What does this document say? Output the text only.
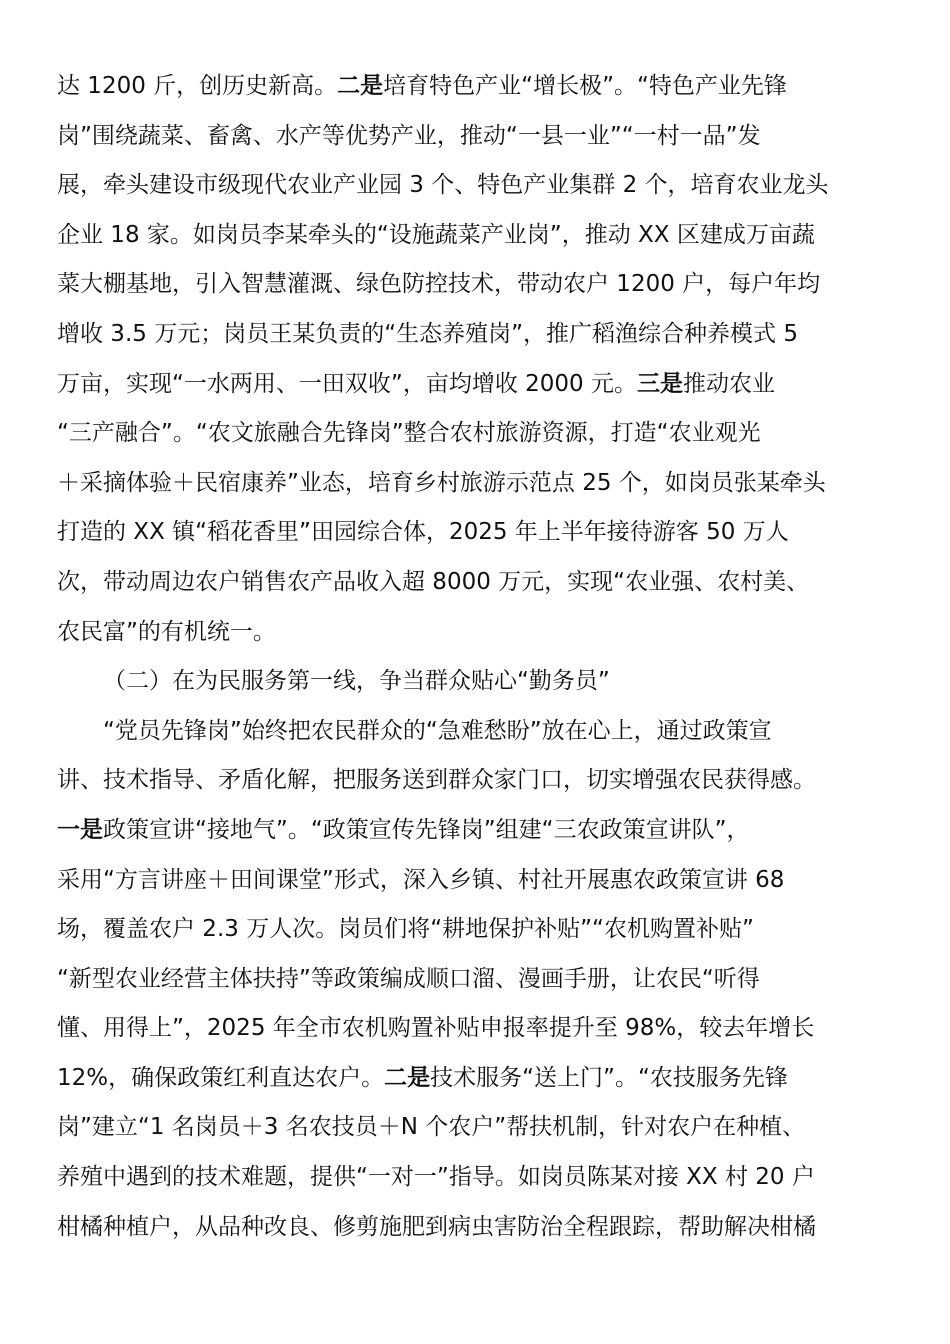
达 1200 斤，创历史新高。二是培育特色产业“增长极”。“特色产业先锋
岗”围绕蔬菜、畜禽、水产等优势产业，推动“一县一业”“一村一品”发
展，牵头建设市级现代农业产业园 3 个、特色产业集群 2 个，培育农业龙头
企业 18 家。如岗员李某牵头的“设施蔬菜产业岗”，推动 XX 区建成万亩蔬
菜大棚基地，引入智慧灌溉、绿色防控技术，带动农户 1200 户，每户年均
增收 3.5 万元；岗员王某负责的“生态养殖岗”，推广稻渔综合种养模式 5
万亩，实现“一水两用、一田双收”，亩均增收 2000 元。三是推动农业
“三产融合”。“农文旅融合先锋岗”整合农村旅游资源，打造“农业观光
＋采摘体验＋民宿康养”业态，培育乡村旅游示范点 25 个，如岗员张某牵头
打造的 XX 镇“稻花香里”田园综合体，2025 年上半年接待游客 50 万人
次，带动周边农户销售农产品收入超 8000 万元，实现“农业强、农村美、
农民富”的有机统一。
（二）在为民服务第一线，争当群众贴心“勤务员”
“党员先锋岗”始终把农民群众的“急难愁盼”放在心上，通过政策宣
讲、技术指导、矛盾化解，把服务送到群众家门口，切实增强农民获得感。
一是政策宣讲“接地气”。“政策宣传先锋岗”组建“三农政策宣讲队”，
采用“方言讲座＋田间课堂”形式，深入乡镇、村社开展惠农政策宣讲 68
场，覆盖农户 2.3 万人次。岗员们将“耕地保护补贴”“农机购置补贴”
“新型农业经营主体扶持”等政策编成顺口溜、漫画手册，让农民“听得
懂、用得上”，2025 年全市农机购置补贴申报率提升至 98%，较去年增长
12%，确保政策红利直达农户。二是技术服务“送上门”。“农技服务先锋
岗”建立“1 名岗员＋3 名农技员＋N 个农户”帮扶机制，针对农户在种植、
养殖中遇到的技术难题，提供“一对一”指导。如岗员陈某对接 XX 村 20 户
柑橘种植户，从品种改良、修剪施肥到病虫害防治全程跟踪，帮助解决柑橘
